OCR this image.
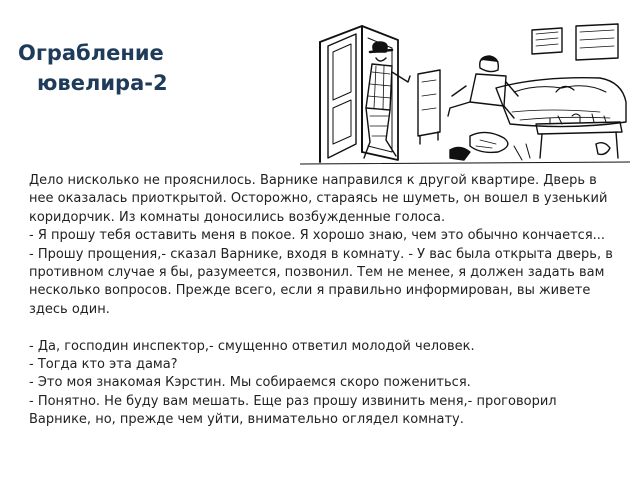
Ограбление
ювелира-2

Дело нисколько не прояснилось. Варнике направился к другой квартире. Дверь в нее оказалась приоткрытой. Осторожно, стараясь не шуметь, он вошел в узенький коридорчик. Из комнаты доносились возбужденные голоса.

- Я прошу тебя оставить меня в покое. Я хорошо знаю, чем это обычно кончается...

- Прошу прощения,- сказал Варнике, входя в комнату. - У вас была открыта дверь, в противном случае я бы, разумеется, позвонил. Тем не менее, я должен задать вам несколько вопросов. Прежде всего, если я правильно информирован, вы живете здесь один.

- Да, господин инспектор,- смущенно ответил молодой человек.

- Тогда кто эта дама?

- Это моя знакомая Кэрстин. Мы собираемся скоро пожениться.

- Понятно. Не буду вам мешать. Еще раз прошу извинить меня,- проговорил Варнике, но, прежде чем уйти, внимательно оглядел комнату.
